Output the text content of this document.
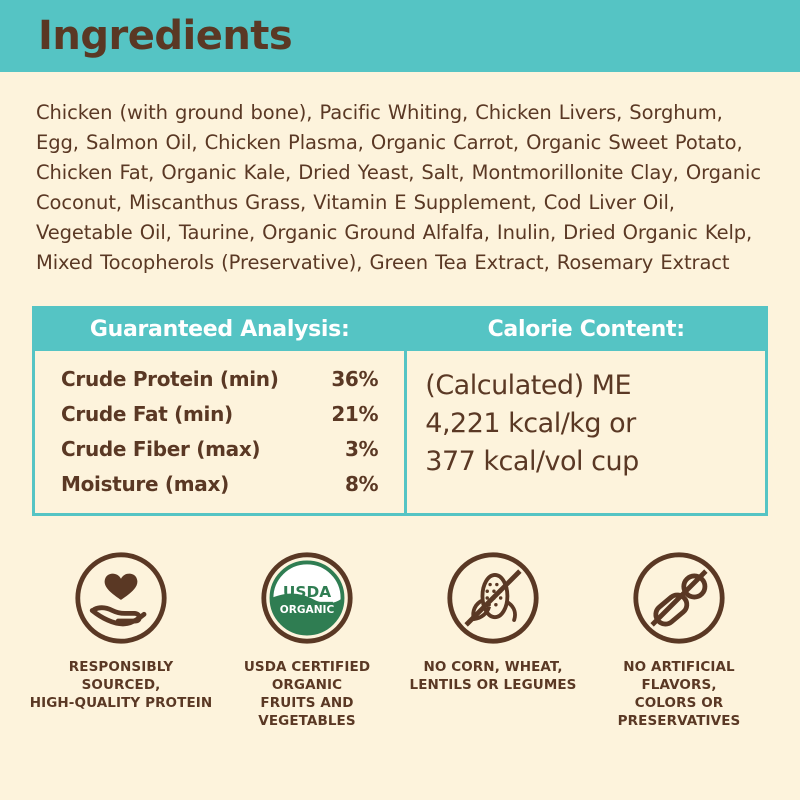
Ingredients
Chicken (with ground bone), Pacific Whiting, Chicken Livers, Sorghum, Egg, Salmon Oil, Chicken Plasma, Organic Carrot, Organic Sweet Potato, Chicken Fat, Organic Kale, Dried Yeast, Salt, Montmorillonite Clay, Organic Coconut, Miscanthus Grass, Vitamin E Supplement, Cod Liver Oil, Vegetable Oil, Taurine, Organic Ground Alfalfa, Inulin, Dried Organic Kelp, Mixed Tocopherols (Preservative), Green Tea Extract, Rosemary Extract
Guaranteed Analysis:
Crude Protein (min)	36%
Crude Fat (min)	21%
Crude Fiber (max)	3%
Moisture (max)	8%
Calorie Content:
(Calculated) ME
4,221 kcal/kg or
377 kcal/vol cup
RESPONSIBLY SOURCED,
HIGH-QUALITY PROTEIN
USDA
ORGANIC
USDA CERTIFIED ORGANIC
FRUITS AND VEGETABLES
NO CORN, WHEAT,
LENTILS OR LEGUMES
NO ARTIFICIAL FLAVORS,
COLORS OR PRESERVATIVES
